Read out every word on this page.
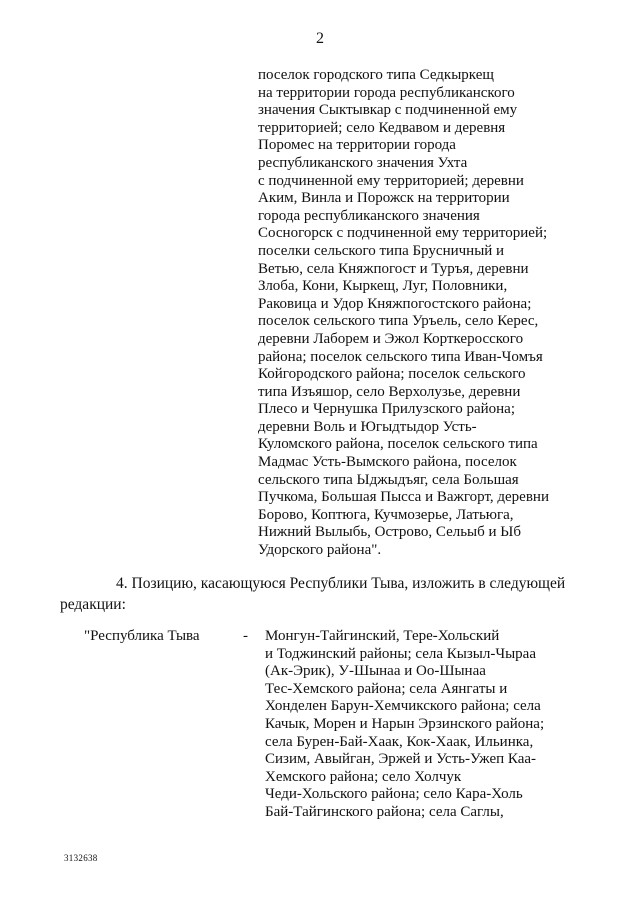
2
поселок городского типа Седкыркещ
на территории города республиканского
значения Сыктывкар с подчиненной ему
территорией; село Кедвавом и деревня
Поромес на территории города
республиканского значения Ухта
с подчиненной ему территорией; деревни
Аким, Винла и Порожск на территории
города республиканского значения
Сосногорск с подчиненной ему территорией;
поселки сельского типа Брусничный и
Ветью, села Княжпогост и Туръя, деревни
Злоба, Кони, Кыркещ, Луг, Половники,
Раковица и Удор Княжпогостского района;
поселок сельского типа Уръель, село Керес,
деревни Лаборем и Эжол Корткеросского
района; поселок сельского типа Иван-Чомъя
Койгородского района; поселок сельского
типа Изъяшор, село Верхолузье, деревни
Плесо и Чернушка Прилузского района;
деревни Воль и Югыдтыдор Усть-
Куломского района, поселок сельского типа
Мадмас Усть-Вымского района, поселок
сельского типа Ыджыдъяг, села Большая
Пучкома, Большая Пысса и Важгорт, деревни
Борово, Коптюга, Кучмозерье, Латьюга,
Нижний Вылыбь, Острово, Сельыб и Ыб
Удорского района".
4. Позицию, касающуюся Республики Тыва, изложить в следующей
редакции:
"Республика Тыва	- Монгун-Тайгинский, Тере-Хольский
и Тоджинский районы; села Кызыл-Чыраа
(Ак-Эрик), У-Шынаа и Оо-Шынаа
Тес-Хемского района; села Аянгаты и
Хонделен Барун-Хемчикского района; села
Качык, Морен и Нарын Эрзинского района;
села Бурен-Бай-Хаак, Кок-Хаак, Ильинка,
Сизим, Авыйган, Эржей и Усть-Ужеп Каа-
Хемского района; село Холчук
Чеди-Хольского района; село Кара-Холь
Бай-Тайгинского района; села Саглы,
3132638
